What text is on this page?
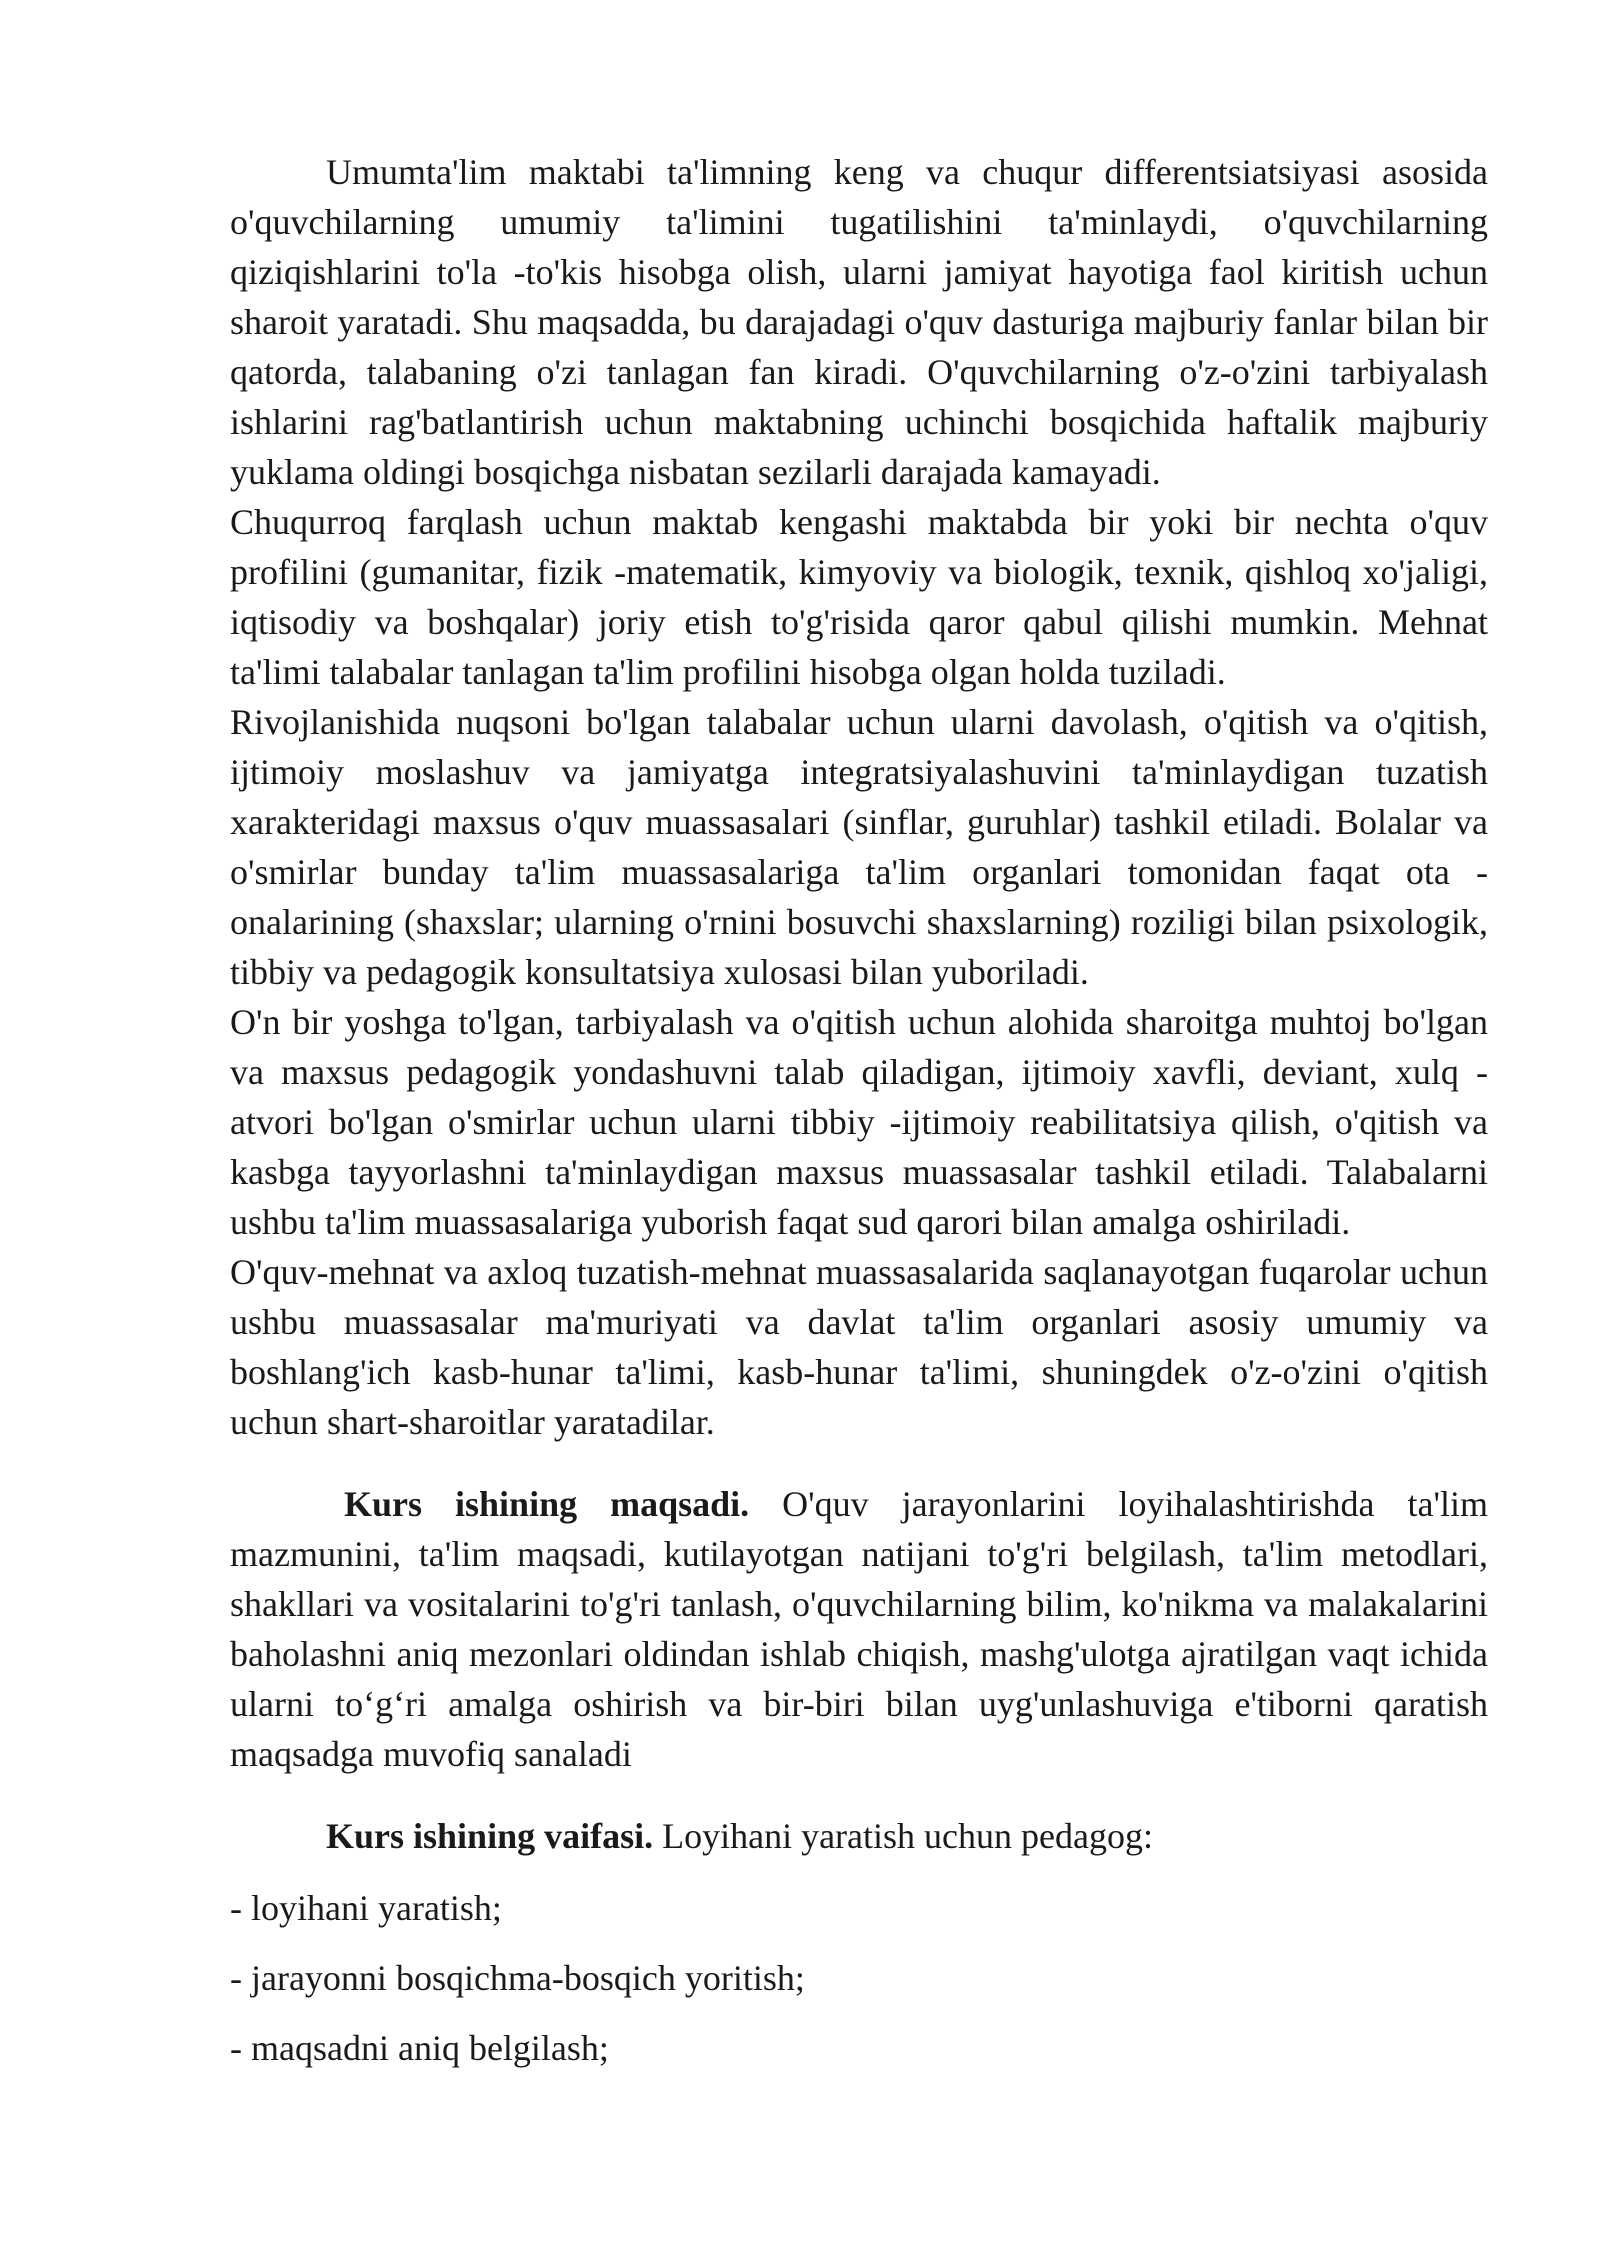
Umumta'lim maktabi ta'limning keng va chuqur differentsiatsiyasi asosida o'quvchilarning umumiy ta'limini tugatilishini ta'minlaydi, o'quvchilarning qiziqishlarini to'la -to'kis hisobga olish, ularni jamiyat hayotiga faol kiritish uchun sharoit yaratadi. Shu maqsadda, bu darajadagi o'quv dasturiga majburiy fanlar bilan bir qatorda, talabaning o'zi tanlagan fan kiradi. O'quvchilarning o'z-o'zini tarbiyalash ishlarini rag'batlantirish uchun maktabning uchinchi bosqichida haftalik majburiy yuklama oldingi bosqichga nisbatan sezilarli darajada kamayadi.

Chuqurroq farqlash uchun maktab kengashi maktabda bir yoki bir nechta o'quv profilini (gumanitar, fizik -matematik, kimyoviy va biologik, texnik, qishloq xo'jaligi, iqtisodiy va boshqalar) joriy etish to'g'risida qaror qabul qilishi mumkin. Mehnat ta'limi talabalar tanlagan ta'lim profilini hisobga olgan holda tuziladi.

Rivojlanishida nuqsoni bo'lgan talabalar uchun ularni davolash, o'qitish va o'qitish, ijtimoiy moslashuv va jamiyatga integratsiyalashuvini ta'minlaydigan tuzatish xarakteridagi maxsus o'quv muassasalari (sinflar, guruhlar) tashkil etiladi. Bolalar va o'smirlar bunday ta'lim muassasalariga ta'lim organlari tomonidan faqat ota -onalarining (shaxslar; ularning o'rnini bosuvchi shaxslarning) roziligi bilan psixologik, tibbiy va pedagogik konsultatsiya xulosasi bilan yuboriladi.

O'n bir yoshga to'lgan, tarbiyalash va o'qitish uchun alohida sharoitga muhtoj bo'lgan va maxsus pedagogik yondashuvni talab qiladigan, ijtimoiy xavfli, deviant, xulq -atvori bo'lgan o'smirlar uchun ularni tibbiy -ijtimoiy reabilitatsiya qilish, o'qitish va kasbga tayyorlashni ta'minlaydigan maxsus muassasalar tashkil etiladi. Talabalarni ushbu ta'lim muassasalariga yuborish faqat sud qarori bilan amalga oshiriladi.

O'quv-mehnat va axloq tuzatish-mehnat muassasalarida saqlanayotgan fuqarolar uchun ushbu muassasalar ma'muriyati va davlat ta'lim organlari asosiy umumiy va boshlang'ich kasb-hunar ta'limi, kasb-hunar ta'limi, shuningdek o'z-o'zini o'qitish uchun shart-sharoitlar yaratadilar.

Kurs ishining maqsadi. O'quv jarayonlarini loyihalashtirishda ta'lim mazmunini, ta'lim maqsadi, kutilayotgan natijani to'g'ri belgilash, ta'lim metodlari, shakllari va vositalarini to'g'ri tanlash, o'quvchilarning bilim, ko'nikma va malakalarini baholashni aniq mezonlari oldindan ishlab chiqish, mashg'ulotga ajratilgan vaqt ichida ularni to‘g‘ri amalga oshirish va bir-biri bilan uyg'unlashuviga e'tiborni qaratish maqsadga muvofiq sanaladi

Kurs ishining vaifasi. Loyihani yaratish uchun pedagog:

- loyihani yaratish;

- jarayonni bosqichma-bosqich yoritish;

- maqsadni aniq belgilash;
